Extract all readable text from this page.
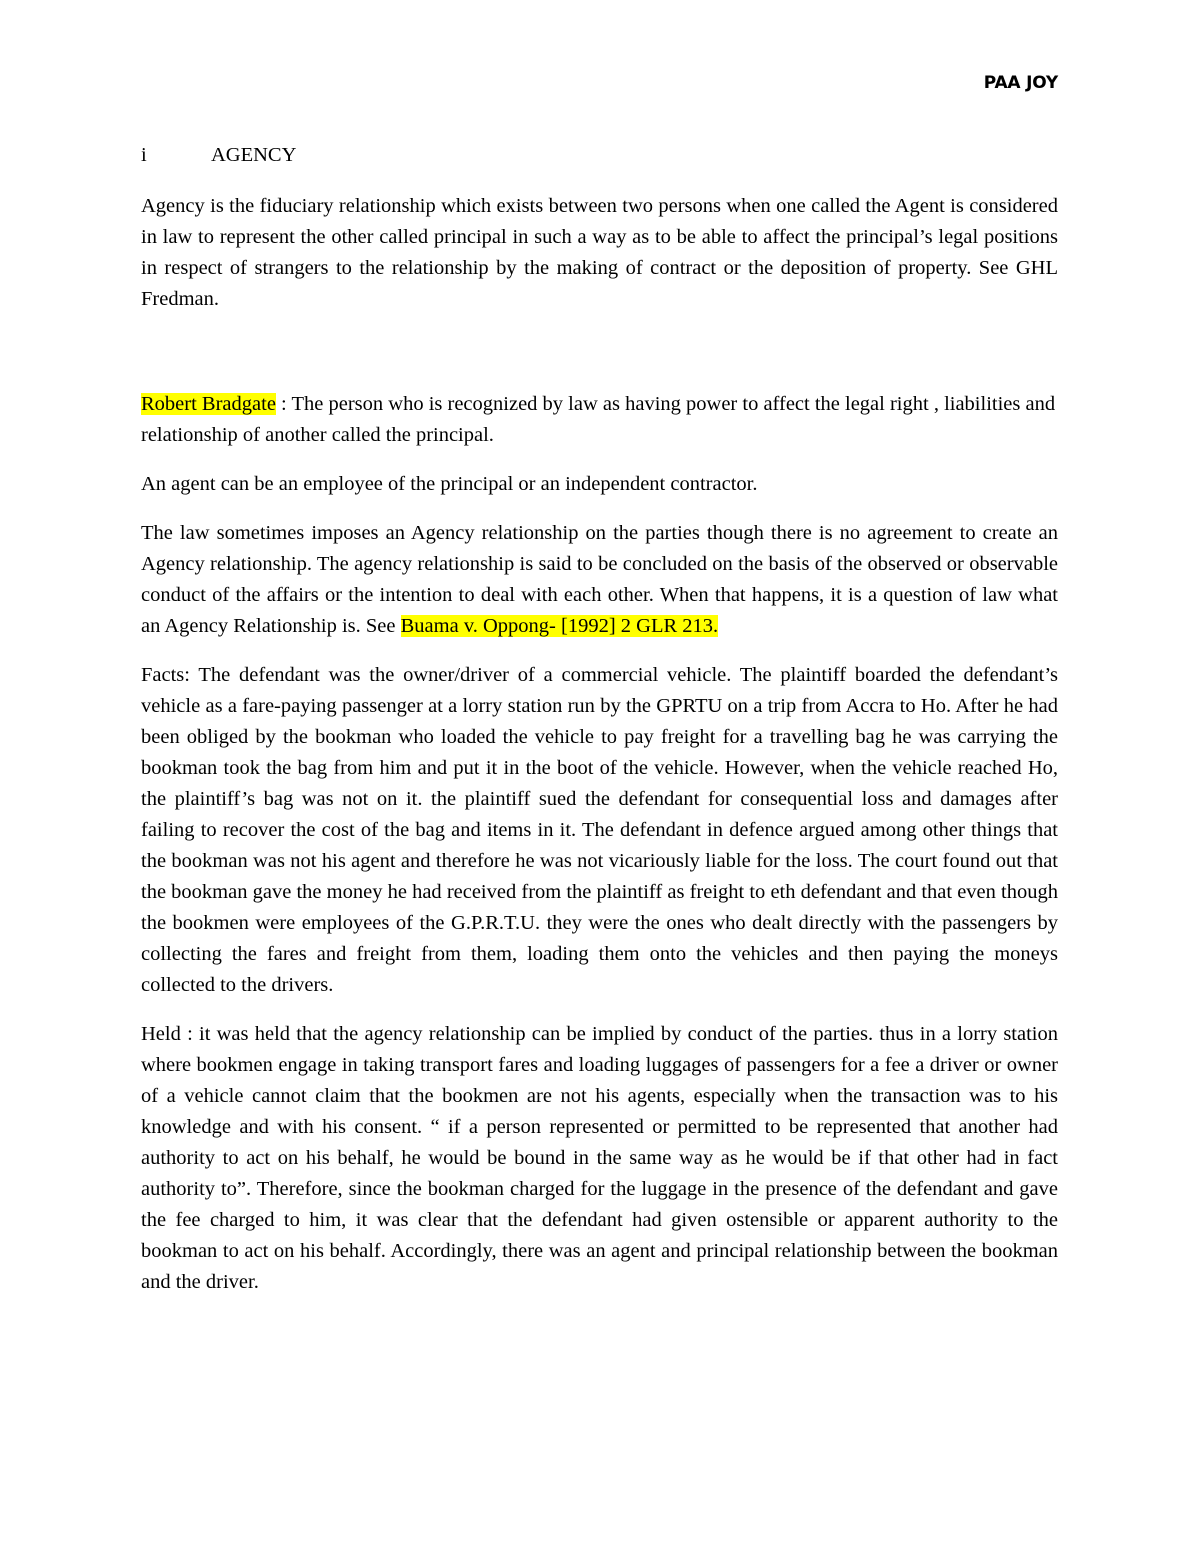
PAA JOY
i	AGENCY

Agency is the fiduciary relationship which exists between two persons when one called the Agent is considered in law to represent the other called principal in such a way as to be able to affect the principal’s legal positions in respect of strangers to the relationship by the making of contract or the deposition of property. See GHL Fredman.

Robert Bradgate : The person who is recognized by law as having power to affect the legal right , liabilities and relationship of another called the principal.

An agent can be an employee of the principal or an independent contractor.

The law sometimes imposes an Agency relationship on the parties though there is no agreement to create an Agency relationship. The agency relationship is said to be concluded on the basis of the observed or observable conduct of the affairs or the intention to deal with each other. When that happens, it is a question of law what an Agency Relationship is. See Buama v. Oppong- [1992] 2 GLR 213.

Facts: The defendant was the owner/driver of a commercial vehicle. The plaintiff boarded the defendant’s vehicle as a fare-paying passenger at a lorry station run by the GPRTU on a trip from Accra to Ho. After he had been obliged by the bookman who loaded the vehicle to pay freight for a travelling bag he was carrying the bookman took the bag from him and put it in the boot of the vehicle. However, when the vehicle reached Ho, the plaintiff’s bag was not on it. the plaintiff sued the defendant for consequential loss and damages after failing to recover the cost of the bag and items in it. The defendant in defence argued among other things that the bookman was not his agent and therefore he was not vicariously liable for the loss. The court found out that the bookman gave the money he had received from the plaintiff as freight to eth defendant and that even though the bookmen were employees of the G.P.R.T.U. they were the ones who dealt directly with the passengers by collecting the fares and freight from them, loading them onto the vehicles and then paying the moneys collected to the drivers.

Held : it was held that the agency relationship can be implied by conduct of the parties. thus in a lorry station where bookmen engage in taking transport fares and loading luggages of passengers for a fee a driver or owner of a vehicle cannot claim that the bookmen are not his agents, especially when the transaction was to his knowledge and with his consent. “ if a person represented or permitted to be represented that another had authority to act on his behalf, he would be bound in the same way as he would be if that other had in fact authority to”. Therefore, since the bookman charged for the luggage in the presence of the defendant and gave the fee charged to him, it was clear that the defendant had given ostensible or apparent authority to the bookman to act on his behalf. Accordingly, there was an agent and principal relationship between the bookman and the driver.
